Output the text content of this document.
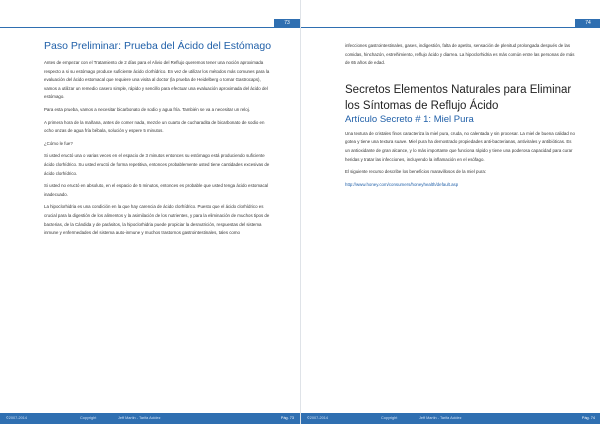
73
Paso Preliminar: Prueba del Ácido del Estómago

Antes de empezar con el Tratamiento de 2 días para el Alivio del Reflujo queremos tener una noción aproximada respecto a si su estómago produce suficiente ácido clorhídrico. En vez de utilizar los métodos más comunes para la evaluación del ácido estomacal que requiere una visita al doctor (la prueba de Heidelberg o tomar Gastrocaps), vamos a utilizar un remedio casero simple, rápido y sencillo para efectuar una evaluación aproximada del ácido del estómago.

Para esta prueba, vamos a necesitar bicarbonato de sodio y agua fría. También se va a necesitar un reloj.

A primera hora de la mañana, antes de comer nada, mezcle un cuarto de cucharadita de bicarbonato de sodio en ocho onzas de agua fría bébala, solución y espere 5 minutos.

¿Cómo le fue?

Si usted eructó una o varias veces en el espacio de 3 minutos entonces su estómago está produciendo suficiente ácido clorhídrico. Su usted eructó de forma repetitiva, entonces probablemente usted tiene cantidades excesivas de ácido clorhídrico.

Si usted no eructó en absoluto, en el espacio de 5 minutos, entonces es probable que usted tenga ácido estomacal inadecuado.

La hipoclorhidria es una condición en la que hay carencia de ácido clorhídrico. Puesto que el ácido clorhídrico es crucial para la digestión de los alimentos y la asimilación de los nutrientes, y para la eliminación de muchos tipos de bacterias, de la Cándida y de parásitos, la hipoclorhidria puede propiciar la desnutrición, respuestas del sistema inmune y enfermedades del sistema auto-inmune y muchos trastornos gastrointestinales, tales como

©2007-2014	Copyright	Jeff Martin - Tarifa Acidez	Pág. 73
74

infecciones gastrointestinales, gases, indigestión, falta de apetito, sensación de plenitud prolongada después de las comidas, hinchazón, estreñimiento, reflujo ácido y diarrea. La hipoclorhidria es más común entre las personas de más de 65 años de edad.

Secretos Elementos Naturales para Eliminar los Síntomas de Reflujo Ácido
Artículo Secreto # 1: Miel Pura

Una textura de cristales finos caracteriza la miel pura, cruda, no calentada y sin procesar. La miel de buena calidad no gotea y tiene una textura suave. Miel pura ha demostrado propiedades anti-bacterianas, antivirales y antibióticas. Es un antioxidante de gran alcance, y lo más importante que funciona rápido y tiene una poderosa capacidad para curar heridas y tratar las infecciones, incluyendo la inflamación en el esófago.

El siguiente recurso describe los beneficios maravillosos de la miel pura:

http://www.honey.com/consumers/honeyhealth/default.asp

©2007-2014	Copyright	Jeff Martin - Tarifa Acidez	Pág. 74
